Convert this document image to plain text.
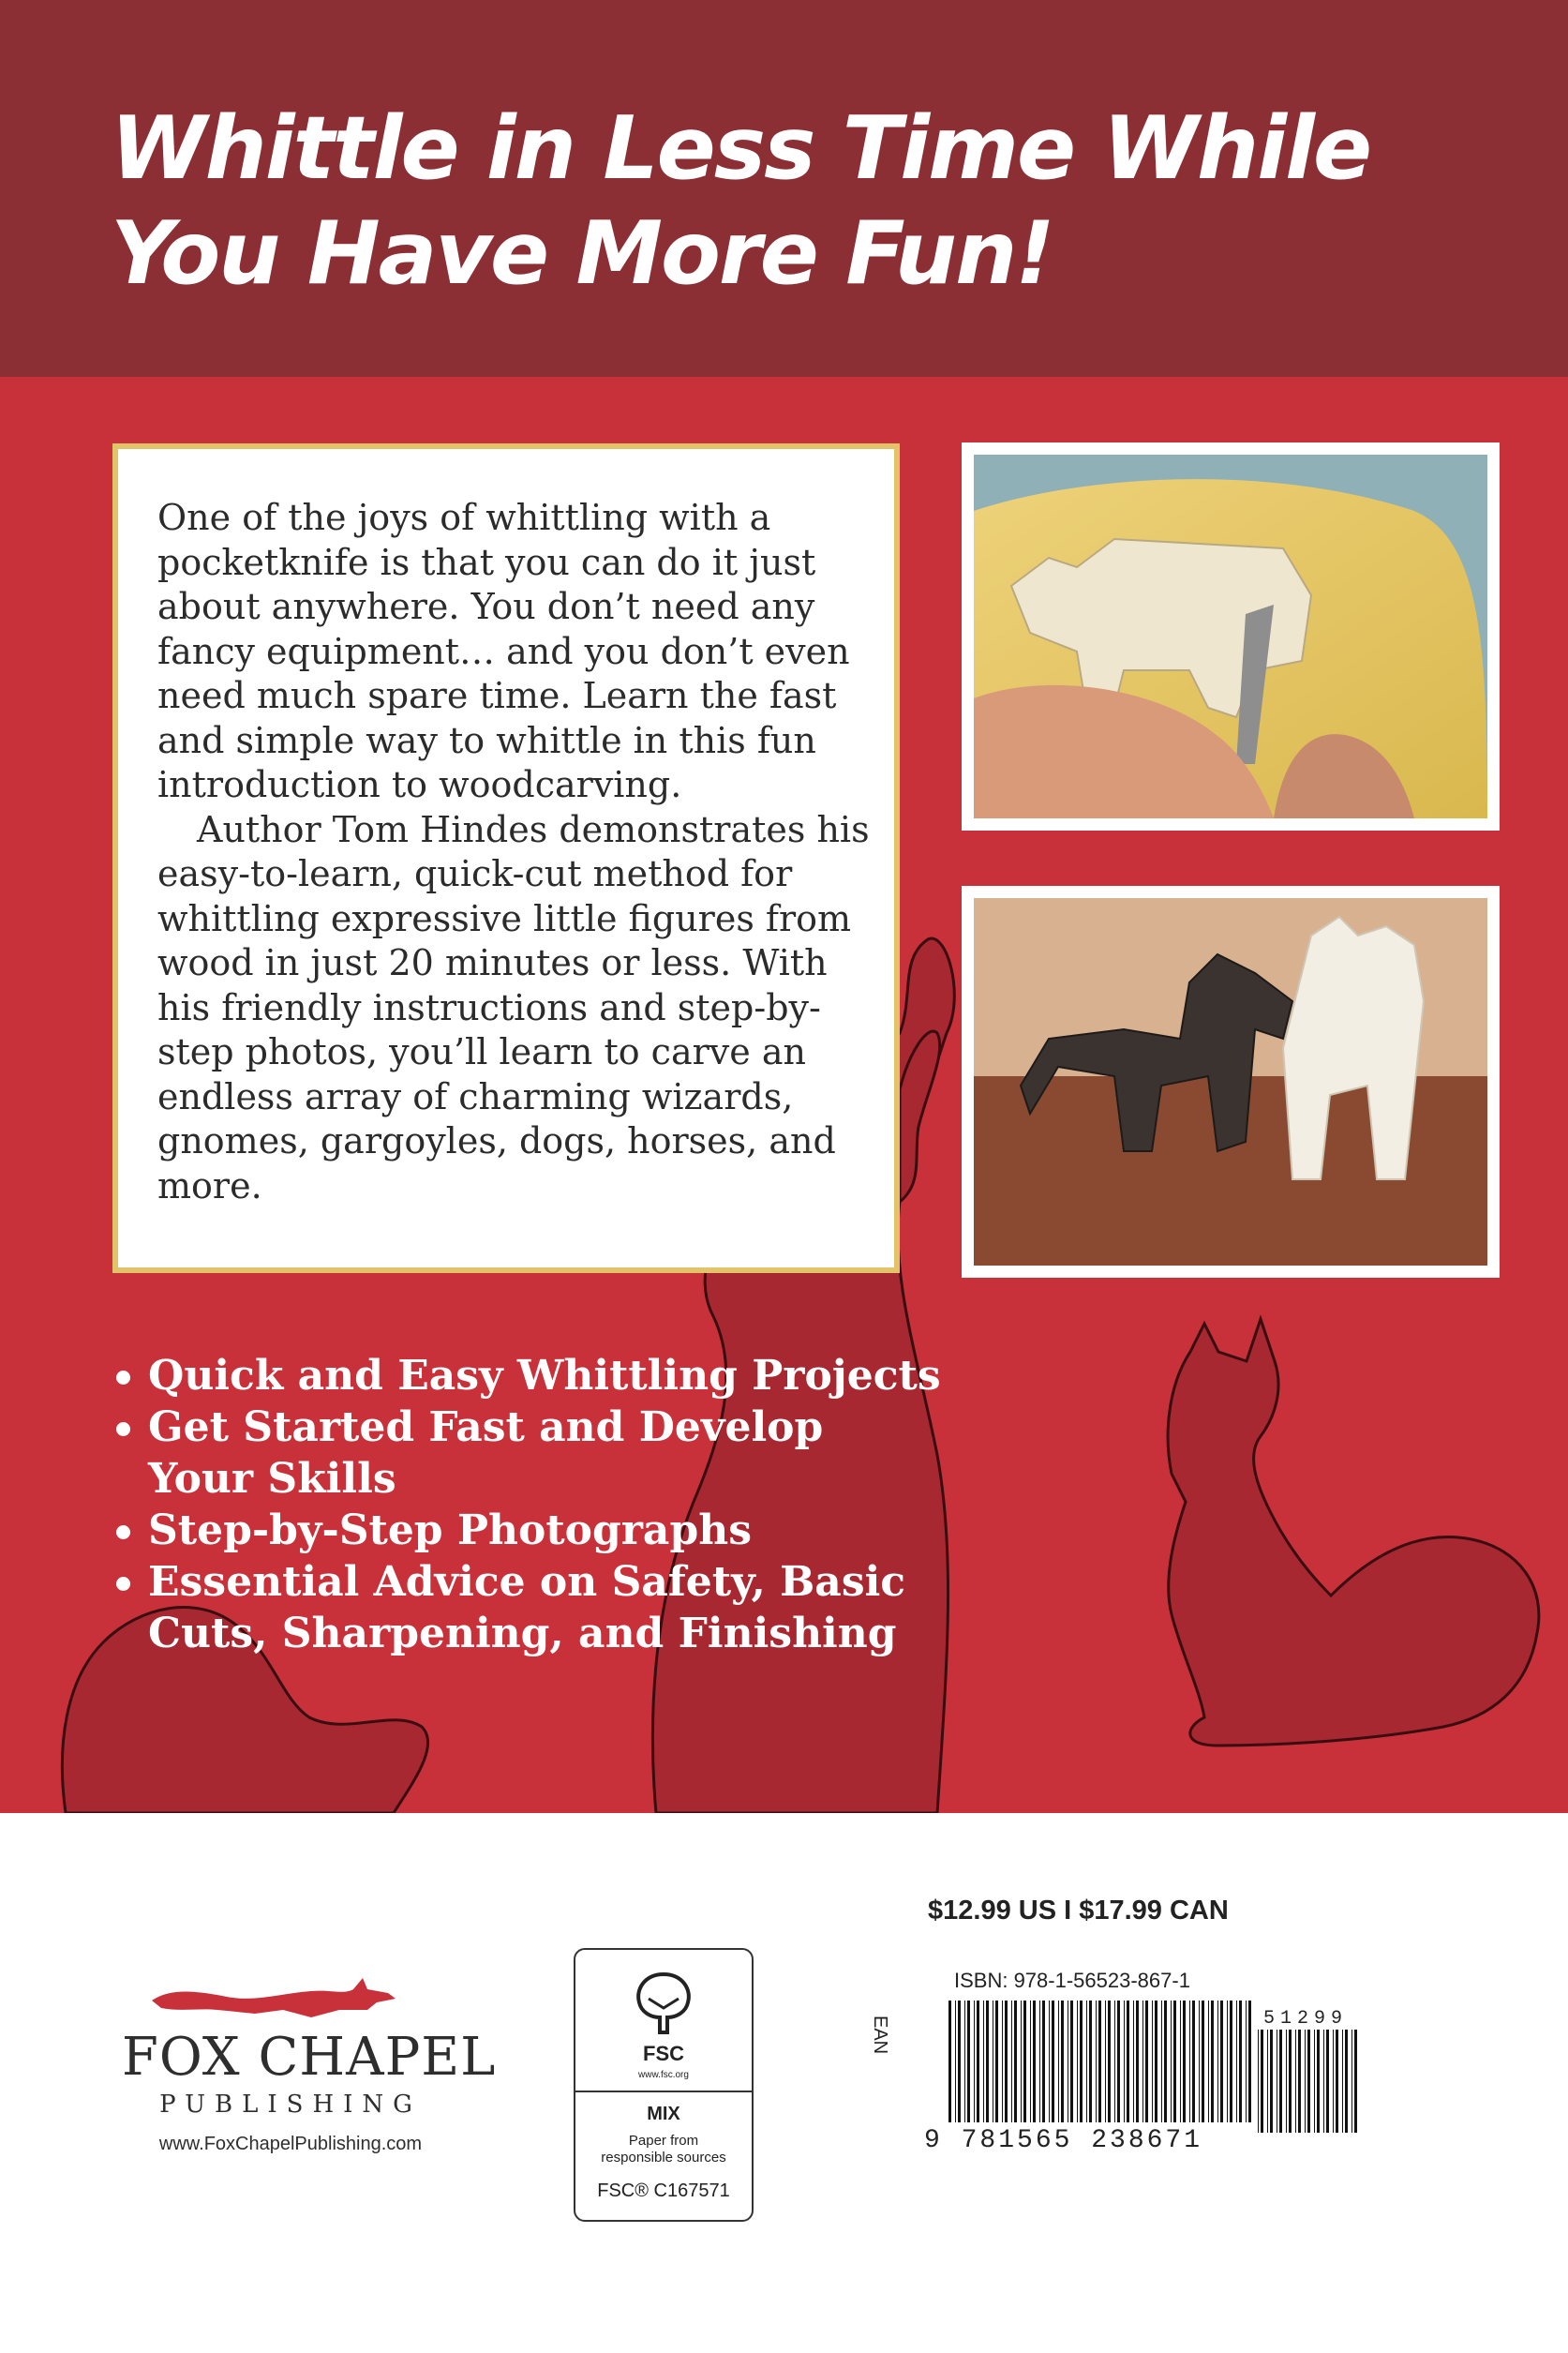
Whittle in Less Time While
You Have More Fun!

One of the joys of whittling with a pocketknife is that you can do it just about anywhere. You don’t need any fancy equipment… and you don’t even need much spare time. Learn the fast and simple way to whittle in this fun introduction to woodcarving.

Author Tom Hindes demonstrates his easy-to-learn, quick-cut method for whittling expressive little figures from wood in just 20 minutes or less. With his friendly instructions and step-by-step photos, you’ll learn to carve an endless array of charming wizards, gnomes, gargoyles, dogs, horses, and more.

Quick and Easy Whittling Projects
Get Started Fast and Develop
Your Skills
Step-by-Step Photographs
Essential Advice on Safety, Basic
Cuts, Sharpening, and Finishing
FOX CHAPEL
PUBLISHING
www.FoxChapelPublishing.com
FSC
www.fsc.org
MIX
Paper from
responsible sources
FSC® C167571
$12.99 US I $17.99 CAN
ISBN: 978-1-56523-867-1
EAN
9 781565 238671
51299
